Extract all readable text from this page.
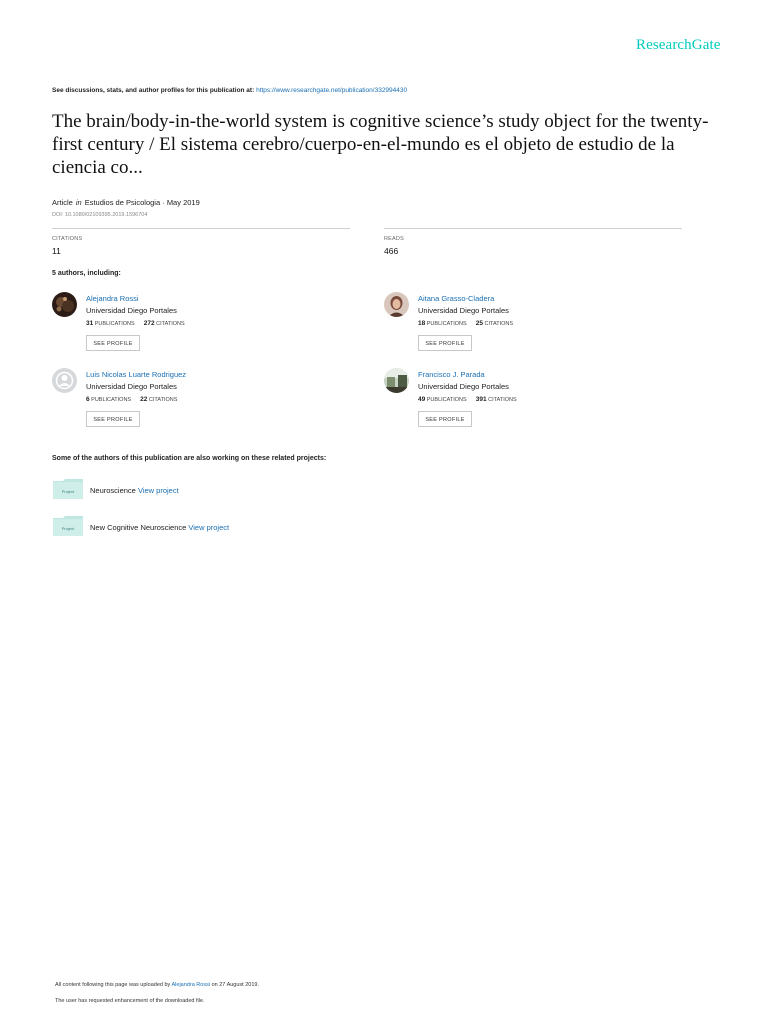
ResearchGate
See discussions, stats, and author profiles for this publication at: https://www.researchgate.net/publication/332994430
The brain/body-in-the-world system is cognitive science’s study object for the twenty-first century / El sistema cerebro/cuerpo-en-el-mundo es el objeto de estudio de la ciencia co...
Article in Estudios de Psicologia · May 2019
DOI: 10.1080/02109395.2019.1596704
CITATIONS
11
READS
466
5 authors, including:
Alejandra Rossi
Universidad Diego Portales
31 PUBLICATIONS 272 CITATIONS
SEE PROFILE
Aitana Grasso-Cladera
Universidad Diego Portales
18 PUBLICATIONS 25 CITATIONS
SEE PROFILE
Luis Nicolas Luarte Rodriguez
Universidad Diego Portales
6 PUBLICATIONS 22 CITATIONS
SEE PROFILE
Francisco J. Parada
Universidad Diego Portales
49 PUBLICATIONS 391 CITATIONS
SEE PROFILE
Some of the authors of this publication are also working on these related projects:
Project Neuroscience View project
Project New Cognitive Neuroscience View project
All content following this page was uploaded by Alejandra Rossi on 27 August 2019.
The user has requested enhancement of the downloaded file.
